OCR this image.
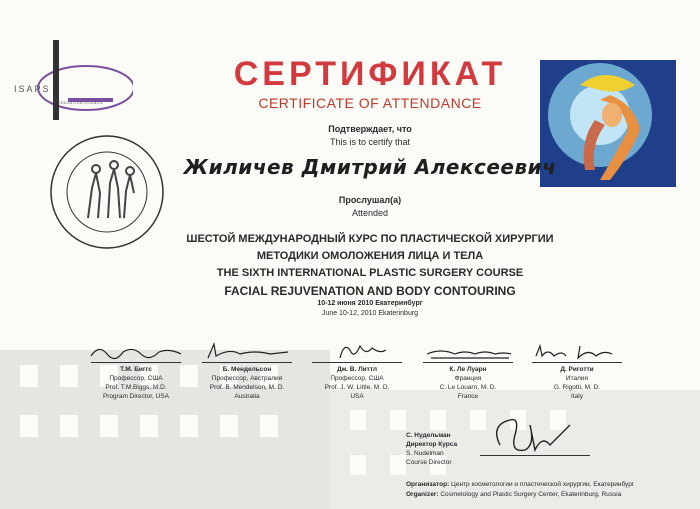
ISAPS
EDUCATION COUNCIL
СЕРТИФИКАТ
CERTIFICATE OF ATTENDANCE
Подтверждает, что
This is to certify that
Жиличев Дмитрий Алексеевич
Прослушал(а)
Attended
ШЕСТОЙ МЕЖДУНАРОДНЫЙ КУРС ПО ПЛАСТИЧЕСКОЙ ХИРУРГИИ
МЕТОДИКИ ОМОЛОЖЕНИЯ ЛИЦА И ТЕЛА
THE SIXTH INTERNATIONAL PLASTIC SURGERY COURSE
FACIAL REJUVENATION AND BODY CONTOURING
10-12 июня 2010 Екатеринбург
June 10-12, 2010 Ekaterinburg
Т.М. Биггс
Профессор, США
Prof. T.M.Biggs, M.D.
Program Director, USA
Б. Мендельсон
Профессор, Австралия
Prof. B. Mendelson, M. D.
Australia
Дж. В. Литтл
Профессор, США
Prof. J. W. Little, M. D.
USA
К. Ле Луарн
Франция
C. Le Louarn, M. D.
France
Д. Риготти
Италия
G. Rigotti, M. D.
Italy
С. Нудельман
Директор Курса
S. Nudelman
Course Director
Организатор: Центр косметологии и пластической хирургии, Екатеринбург
Organizer: Cosmetology and Plastic Surgery Center, Ekaterinburg, Russia
